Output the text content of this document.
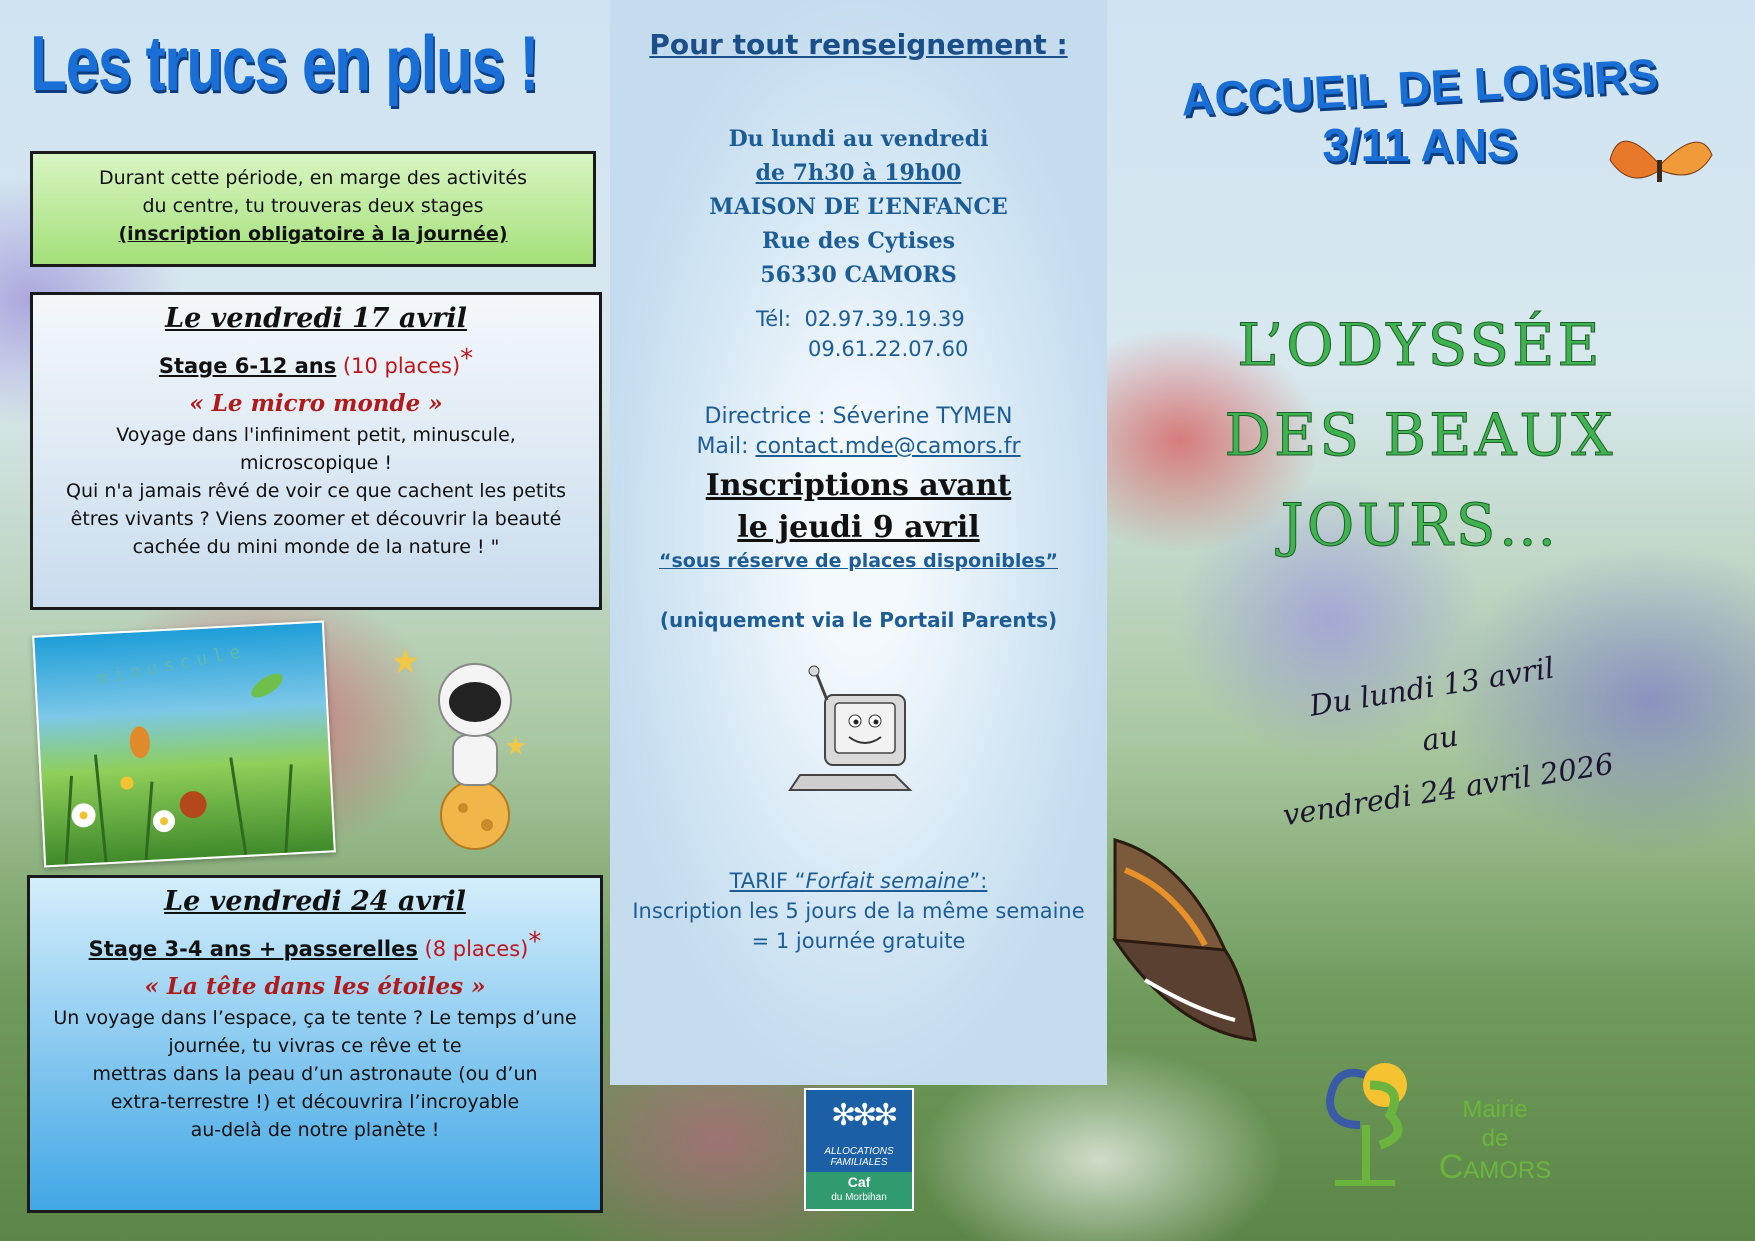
Les trucs en plus !
Durant cette période, en marge des activités
du centre, tu trouveras deux stages
(inscription obligatoire à la journée)
Le vendredi 17 avril
Stage 6-12 ans (10 places)*
« Le micro monde »
Voyage dans l'infiniment petit, minuscule,
microscopique !
Qui n'a jamais rêvé de voir ce que cachent les petits
êtres vivants ? Viens zoomer et découvrir la beauté
cachée du mini monde de la nature ! "
minuscule
Le vendredi 24 avril
Stage 3-4 ans + passerelles (8 places)*
« La tête dans les étoiles »
Un voyage dans l’espace, ça te tente ? Le temps d’une
journée, tu vivras ce rêve et te
mettras dans la peau d’un astronaute (ou d’un
extra-terrestre !) et découvrira l’incroyable
au-delà de notre planète !
Pour tout renseignement :
Du lundi au vendredi
de 7h30 à 19h00
MAISON DE L’ENFANCE
Rue des Cytises
56330 CAMORS
Tél: 02.97.39.19.39
09.61.22.07.60
Directrice : Séverine TYMEN
Mail: contact.mde@camors.fr
Inscriptions avant
le jeudi 9 avril
“sous réserve de places disponibles”
(uniquement via le Portail Parents)
TARIF “Forfait semaine”:
Inscription les 5 jours de la même semaine
= 1 journée gratuite
✻✻✻
ALLOCATIONS
FAMILIALES
Caf
du Morbihan
ACCUEIL DE LOISIRS
3/11 ANS
L’ODYSSÉE
DES BEAUX
JOURS…
Du lundi 13 avril
au
vendredi 24 avril 2026
Mairie
de
CAMORS
